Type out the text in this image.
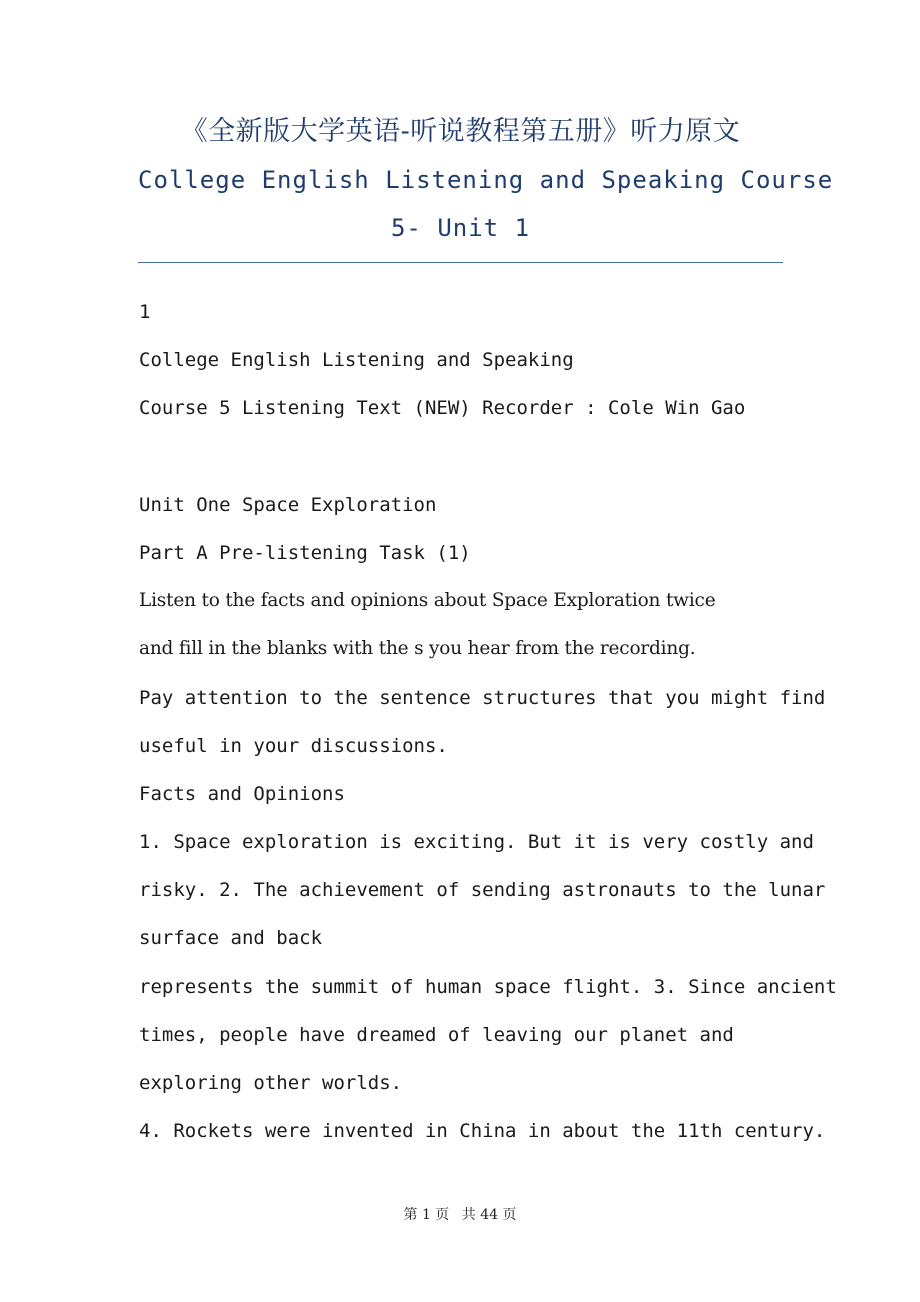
《全新版大学英语-听说教程第五册》听力原文
College English Listening and Speaking Course
5- Unit 1
1
College English Listening and Speaking
Course 5 Listening Text (NEW) Recorder : Cole Win Gao
Unit One Space Exploration
Part A Pre-listening Task (1)
Listen to the facts and opinions about Space Exploration twice
and fill in the blanks with the s you hear from the recording.
Pay attention to the sentence structures that you might find
useful in your discussions.
Facts and Opinions
1. Space exploration is exciting. But it is very costly and
risky. 2. The achievement of sending astronauts to the lunar
surface and back
represents the summit of human space flight. 3. Since ancient
times, people have dreamed of leaving our planet and
exploring other worlds.
4. Rockets were invented in China in about the 11th century.
第 1 页 共 44 页
